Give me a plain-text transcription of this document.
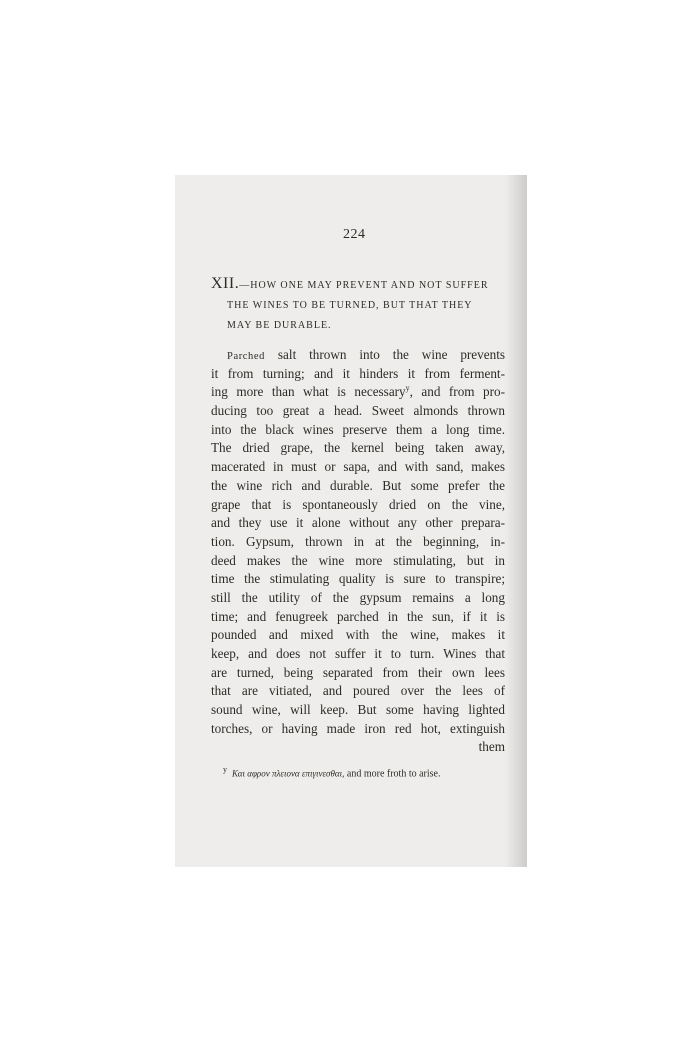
224
XII.—HOW ONE MAY PREVENT AND NOT SUFFER
THE WINES TO BE TURNED, BUT THAT THEY
MAY BE DURABLE.
Parched salt thrown into the wine prevents
it from turning; and it hinders it from ferment-
ing more than what is necessary$^y$, and from pro-
ducing too great a head. Sweet almonds thrown
into the black wines preserve them a long time.
The dried grape, the kernel being taken away,
macerated in must or sapa, and with sand, makes
the wine rich and durable. But some prefer the
grape that is spontaneously dried on the vine,
and they use it alone without any other prepara-
tion. Gypsum, thrown in at the beginning, in-
deed makes the wine more stimulating, but in
time the stimulating quality is sure to transpire;
still the utility of the gypsum remains a long
time; and fenugreek parched in the sun, if it is
pounded and mixed with the wine, makes it
keep, and does not suffer it to turn. Wines that
are turned, being separated from their own lees
that are vitiated, and poured over the lees of
sound wine, will keep. But some having lighted
torches, or having made iron red hot, extinguish
them
$^y$ Και αφρον πλειονα επιγινεσθαι, and more froth to arise.
